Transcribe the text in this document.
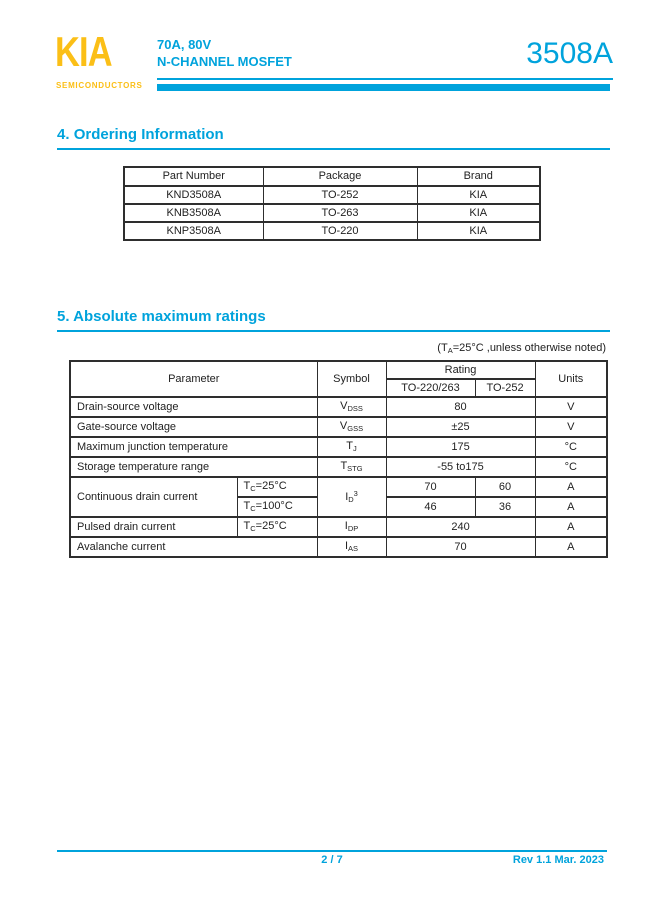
KIA
SEMICONDUCTORS
70A, 80V
N-CHANNEL MOSFET	3508A
4. Ordering Information
Part Number	Package	Brand
KND3508A	TO-252	KIA
KNB3508A	TO-263	KIA
KNP3508A	TO-220	KIA
5. Absolute maximum ratings
($T_A=25^\circ C$ ,unless otherwise noted)
Parameter		Symbol	Rating		Units
			TO-220/263	TO-252	
Drain-source voltage		$V_{DSS}$	80		V
Gate-source voltage		$V_{GSS}$	±25		V
Maximum junction temperature		$T_J$	175		°C
Storage temperature range		$T_{STG}$	-55 to175		°C
Continuous drain current	$T_C=25^\circ C$	$I_D^3$	70	60	A
	$T_C=100^\circ C$		46	36	A
Pulsed drain current	$T_C=25^\circ C$	$I_{DP}$	240		A
Avalanche current		$I_{AS}$	70		A
2 / 7	Rev 1.1 Mar. 2023
